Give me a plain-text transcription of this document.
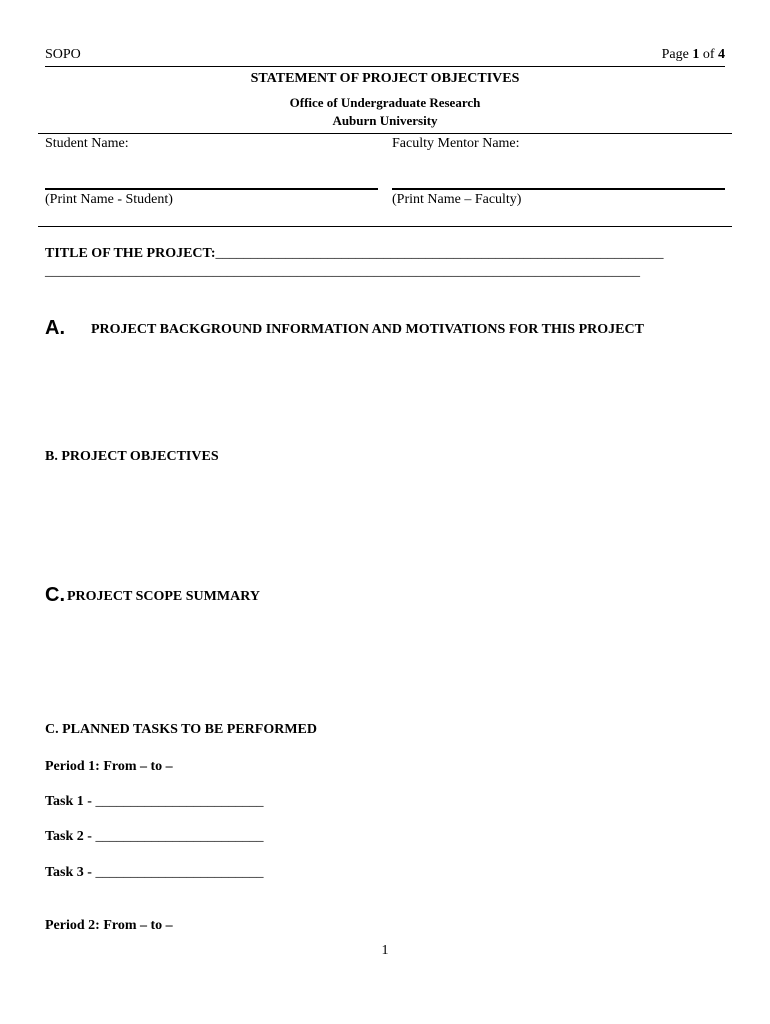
SOPO	Page 1 of 4
STATEMENT OF PROJECT OBJECTIVES
Office of Undergraduate Research
Auburn University
Student Name:	Faculty Mentor Name:
(Print Name - Student)	(Print Name – Faculty)
TITLE OF THE PROJECT:________________________________________________________________
_____________________________________________________________________________________
A. PROJECT BACKGROUND INFORMATION AND MOTIVATIONS FOR THIS PROJECT
B. PROJECT OBJECTIVES
C. PROJECT SCOPE SUMMARY
C. PLANNED TASKS TO BE PERFORMED
Period 1: From – to –
Task 1 - ________________________
Task 2 - ________________________
Task 3 - ________________________
Period 2: From – to –
1
